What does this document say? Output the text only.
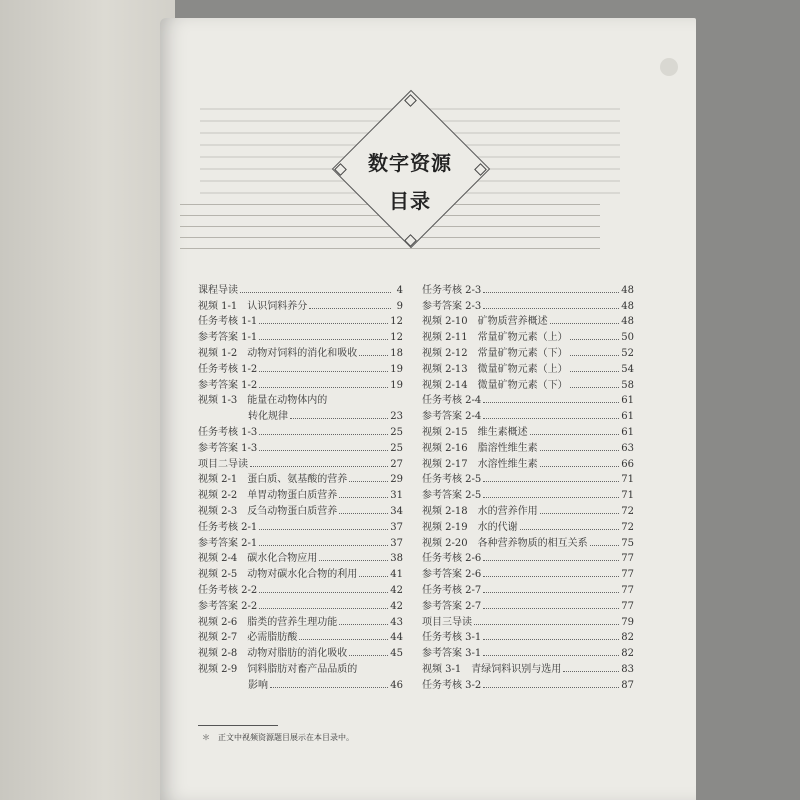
数字资源
目录
课程导读	4
视频 1-1　认识饲料养分	9
任务考核 1-1	12
参考答案 1-1	12
视频 1-2　动物对饲料的消化和吸收	18
任务考核 1-2	19
参考答案 1-2	19
视频 1-3　能量在动物体内的
　　　　　转化规律	23
任务考核 1-3	25
参考答案 1-3	25
项目二导读	27
视频 2-1　蛋白质、氨基酸的营养	29
视频 2-2　单胃动物蛋白质营养	31
视频 2-3　反刍动物蛋白质营养	34
任务考核 2-1	37
参考答案 2-1	37
视频 2-4　碳水化合物应用	38
视频 2-5　动物对碳水化合物的利用	41
任务考核 2-2	42
参考答案 2-2	42
视频 2-6　脂类的营养生理功能	43
视频 2-7　必需脂肪酸	44
视频 2-8　动物对脂肪的消化吸收	45
视频 2-9　饲料脂肪对畜产品品质的
　　　　　影响	46
任务考核 2-3	48
参考答案 2-3	48
视频 2-10　矿物质营养概述	48
视频 2-11　常量矿物元素（上）	50
视频 2-12　常量矿物元素（下）	52
视频 2-13　微量矿物元素（上）	54
视频 2-14　微量矿物元素（下）	58
任务考核 2-4	61
参考答案 2-4	61
视频 2-15　维生素概述	61
视频 2-16　脂溶性维生素	63
视频 2-17　水溶性维生素	66
任务考核 2-5	71
参考答案 2-5	71
视频 2-18　水的营养作用	72
视频 2-19　水的代谢	72
视频 2-20　各种营养物质的相互关系	75
任务考核 2-6	77
参考答案 2-6	77
任务考核 2-7	77
参考答案 2-7	77
项目三导读	79
任务考核 3-1	82
参考答案 3-1	82
视频 3-1　青绿饲料识别与选用	83
任务考核 3-2	87
＊　正文中视频资源题目展示在本目录中。
